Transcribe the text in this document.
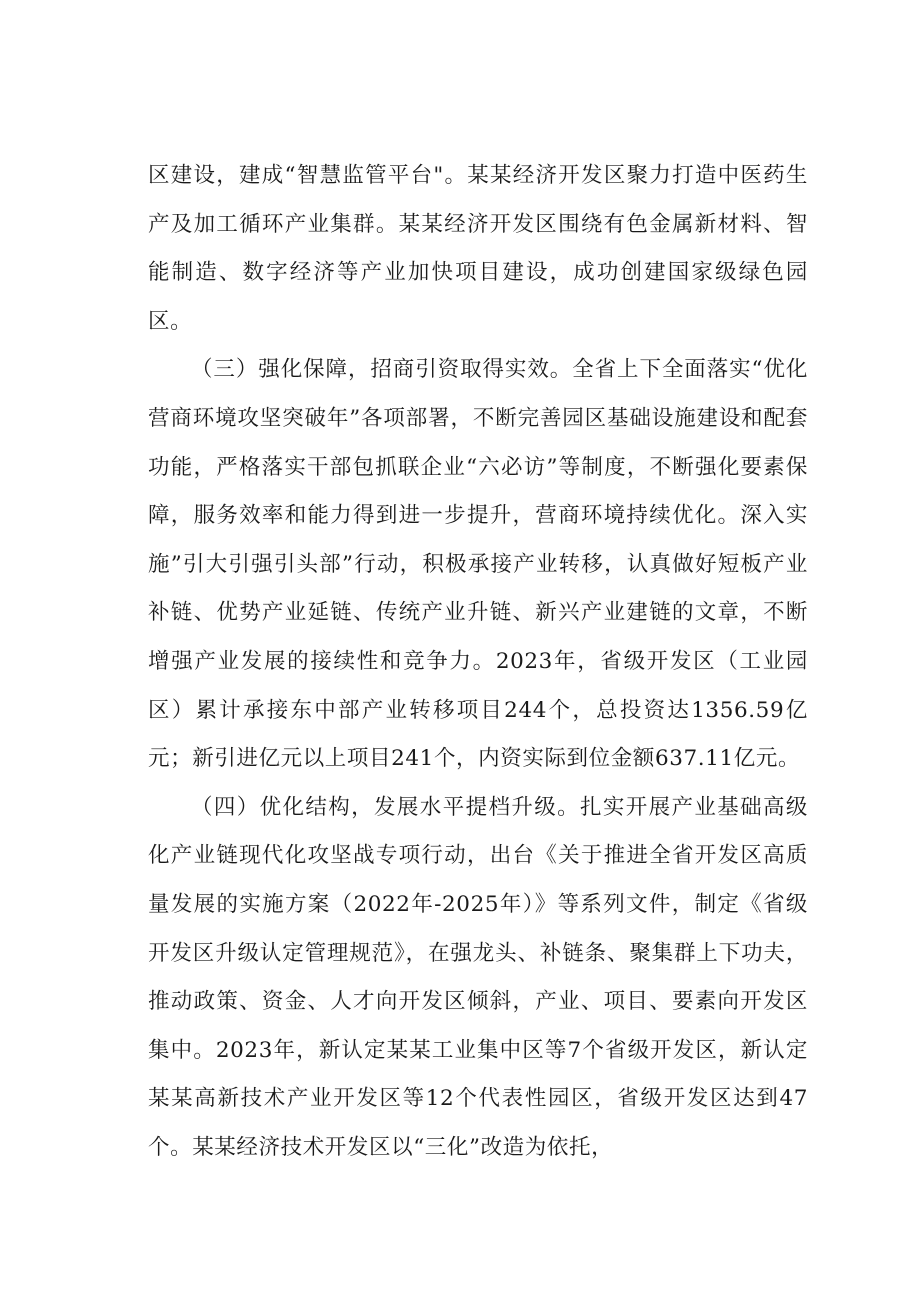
区建设，建成“智慧监管平台"。某某经济开发区聚力打造中医药生产及加工循环产业集群。某某经济开发区围绕有色金属新材料、智能制造、数字经济等产业加快项目建设，成功创建国家级绿色园区。

（三）强化保障，招商引资取得实效。全省上下全面落实“优化营商环境攻坚突破年”各项部署，不断完善园区基础设施建设和配套功能，严格落实干部包抓联企业“六必访”等制度，不断强化要素保障，服务效率和能力得到进一步提升，营商环境持续优化。深入实施”引大引强引头部”行动，积极承接产业转移，认真做好短板产业补链、优势产业延链、传统产业升链、新兴产业建链的文章，不断增强产业发展的接续性和竞争力。2023年，省级开发区（工业园区）累计承接东中部产业转移项目244个，总投资达1356.59亿元；新引进亿元以上项目241个，内资实际到位金额637.11亿元。

（四）优化结构，发展水平提档升级。扎实开展产业基础高级化产业链现代化攻坚战专项行动，出台《关于推进全省开发区高质量发展的实施方案（2022年-2025年）》等系列文件，制定《省级开发区升级认定管理规范》，在强龙头、补链条、聚集群上下功夫，推动政策、资金、人才向开发区倾斜，产业、项目、要素向开发区集中。2023年，新认定某某工业集中区等7个省级开发区，新认定某某高新技术产业开发区等12个代表性园区，省级开发区达到47个。某某经济技术开发区以“三化”改造为依托，
